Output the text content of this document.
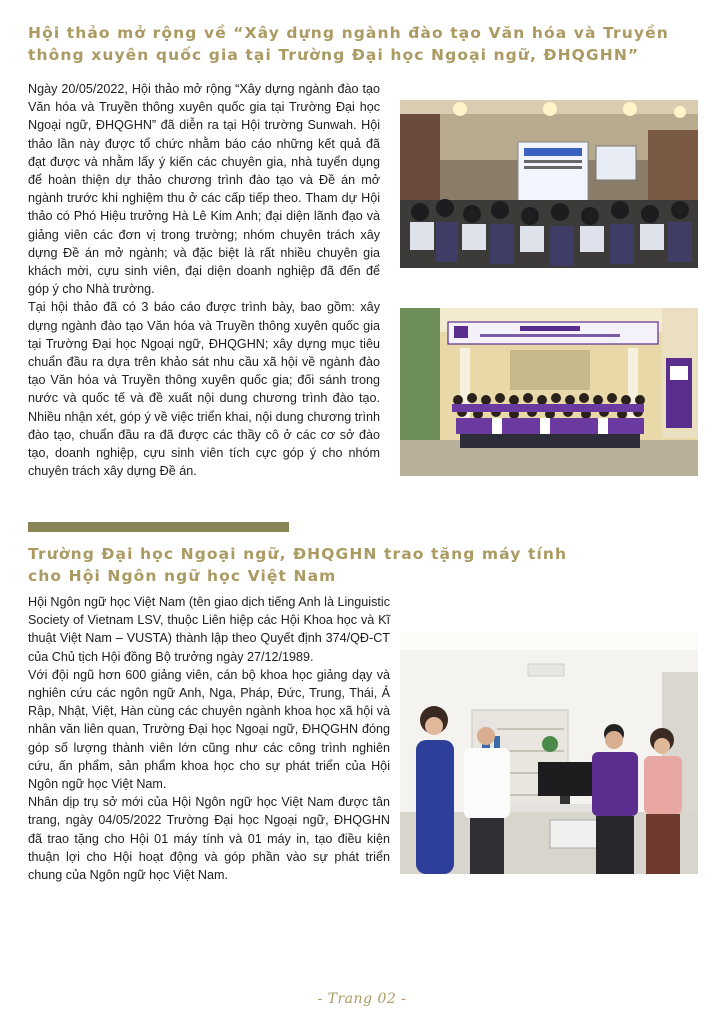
Hội thảo mở rộng về “Xây dựng ngành đào tạo Văn hóa và Truyền thông xuyên quốc gia tại Trường Đại học Ngoại ngữ, ĐHQGHN”

Ngày 20/05/2022, Hội thảo mở rộng “Xây dựng ngành đào tạo Văn hóa và Truyền thông xuyên quốc gia tại Trường Đại học Ngoại ngữ, ĐHQGHN” đã diễn ra tại Hội trường Sunwah. Hội thảo lần này được tổ chức nhằm báo cáo những kết quả đã đạt được và nhằm lấy ý kiến các chuyên gia, nhà tuyển dụng để hoàn thiện dự thảo chương trình đào tạo và Đề án mở ngành trước khi nghiệm thu ở các cấp tiếp theo. Tham dự Hội thảo có Phó Hiệu trưởng Hà Lê Kim Anh; đại diện lãnh đạo và giảng viên các đơn vị trong trường; nhóm chuyên trách xây dựng Đề án mở ngành; và đặc biệt là rất nhiều chuyên gia khách mời, cựu sinh viên, đại diện doanh nghiệp đã đến để góp ý cho Nhà trường.

Tại hội thảo đã có 3 báo cáo được trình bày, bao gồm: xây dựng ngành đào tạo Văn hóa và Truyền thông xuyên quốc gia tại Trường Đại học Ngoại ngữ, ĐHQGHN; xây dựng mục tiêu chuẩn đầu ra dựa trên khảo sát nhu cầu xã hội về ngành đào tạo Văn hóa và Truyền thông xuyên quốc gia; đối sánh trong nước và quốc tế và đề xuất nội dung chương trình đào tạo. Nhiều nhận xét, góp ý về việc triển khai, nội dung chương trình đào tạo, chuẩn đầu ra đã được các thầy cô ở các cơ sở đào tạo, doanh nghiệp, cựu sinh viên tích cực góp ý cho nhóm chuyên trách xây dựng Đề án.

Trường Đại học Ngoại ngữ, ĐHQGHN trao tặng máy tính
cho Hội Ngôn ngữ học Việt Nam

Hội Ngôn ngữ học Việt Nam (tên giao dịch tiếng Anh là Linguistic Society of Vietnam LSV, thuộc Liên hiệp các Hội Khoa học và Kĩ thuật Việt Nam – VUSTA) thành lập theo Quyết định 374/QĐ-CT của Chủ tịch Hội đồng Bộ trưởng ngày 27/12/1989.

Với đội ngũ hơn 600 giảng viên, cán bộ khoa học giảng dạy và nghiên cứu các ngôn ngữ Anh, Nga, Pháp, Đức, Trung, Thái, Ả Rập, Nhật, Việt, Hàn cùng các chuyên ngành khoa học xã hội và nhân văn liên quan, Trường Đại học Ngoại ngữ, ĐHQGHN đóng góp số lượng thành viên lớn cũng như các công trình nghiên cứu, ấn phẩm, sản phẩm khoa học cho sự phát triển của Hội Ngôn ngữ học Việt Nam.

Nhân dịp trụ sở mới của Hội Ngôn ngữ học Việt Nam được tân trang, ngày 04/05/2022 Trường Đại học Ngoại ngữ, ĐHQGHN đã trao tặng cho Hội 01 máy tính và 01 máy in, tạo điều kiện thuận lợi cho Hội hoạt động và góp phần vào sự phát triển chung của Ngôn ngữ học Việt Nam.

- Trang 02 -
